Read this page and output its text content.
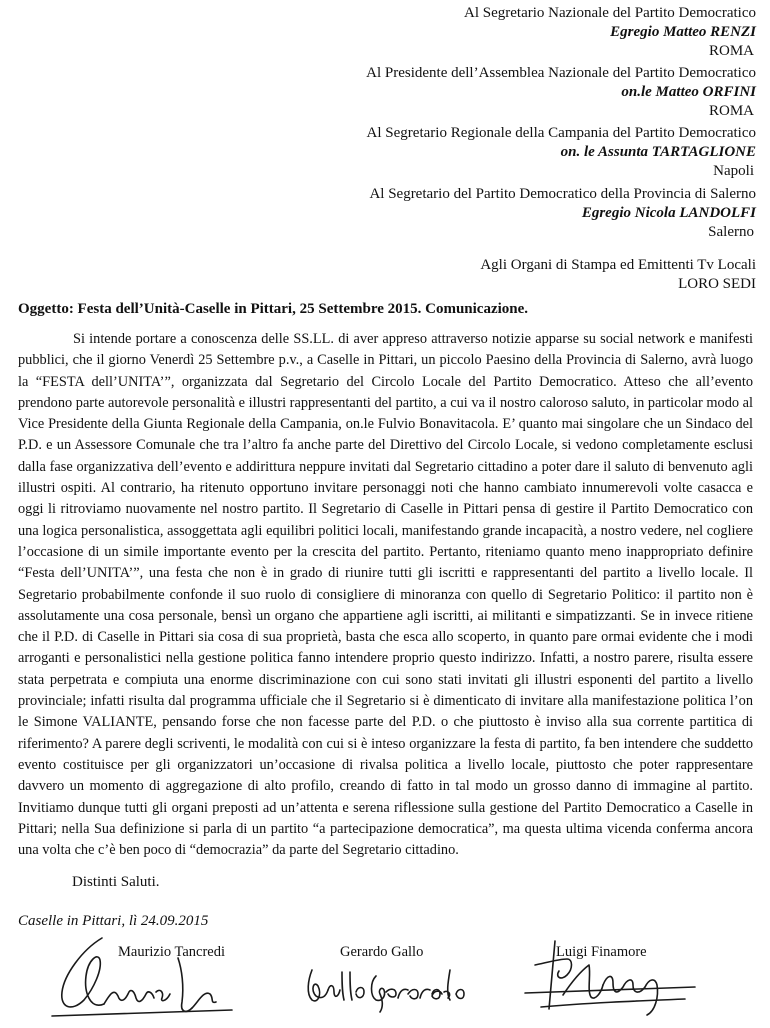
Al Segretario Nazionale del Partito Democratico
Egregio Matteo RENZI
ROMA
Al Presidente dell’Assemblea Nazionale del Partito Democratico
on.le Matteo ORFINI
ROMA
Al Segretario Regionale della Campania del Partito Democratico
on. le Assunta TARTAGLIONE
Napoli
Al Segretario del Partito Democratico della Provincia di Salerno
Egregio Nicola LANDOLFI
Salerno
Agli Organi di Stampa ed Emittenti Tv Locali
LORO SEDI
Oggetto: Festa dell’Unità-Caselle in Pittari, 25 Settembre 2015. Comunicazione.
Si intende portare a conoscenza delle SS.LL. di aver appreso attraverso notizie apparse su social network e manifesti pubblici, che il giorno Venerdì 25 Settembre p.v., a Caselle in Pittari, un piccolo Paesino della Provincia di Salerno, avrà luogo la “FESTA dell’UNITA’”, organizzata dal Segretario del Circolo Locale del Partito Democratico. Atteso che all’evento prendono parte autorevole personalità e illustri rappresentanti del partito, a cui va il nostro caloroso saluto, in particolar modo al Vice Presidente della Giunta Regionale della Campania, on.le Fulvio Bonavitacola. E’ quanto mai singolare che un Sindaco del P.D. e un Assessore Comunale che tra l’altro fa anche parte del Direttivo del Circolo Locale, si vedono completamente esclusi dalla fase organizzativa dell’evento e addirittura neppure invitati dal Segretario cittadino a poter dare il saluto di benvenuto agli illustri ospiti. Al contrario, ha ritenuto opportuno invitare personaggi noti che hanno cambiato innumerevoli volte casacca e oggi li ritroviamo nuovamente nel nostro partito. Il Segretario di Caselle in Pittari pensa di gestire il Partito Democratico con una logica personalistica, assoggettata agli equilibri politici locali, manifestando grande incapacità, a nostro vedere, nel cogliere l’occasione di un simile importante evento per la crescita del partito. Pertanto, riteniamo quanto meno inappropriato definire “Festa dell’UNITA’”, una festa che non è in grado di riunire tutti gli iscritti e rappresentanti del partito a livello locale. Il Segretario probabilmente confonde il suo ruolo di consigliere di minoranza con quello di Segretario Politico: il partito non è assolutamente una cosa personale, bensì un organo che appartiene agli iscritti, ai militanti e simpatizzanti. Se in invece ritiene che il P.D. di Caselle in Pittari sia cosa di sua proprietà, basta che esca allo scoperto, in quanto pare ormai evidente che i modi arroganti e personalistici nella gestione politica fanno intendere proprio questo indirizzo. Infatti, a nostro parere, risulta essere stata perpetrata e compiuta una enorme discriminazione con cui sono stati invitati gli illustri esponenti del partito a livello provinciale; infatti risulta dal programma ufficiale che il Segretario si è dimenticato di invitare alla manifestazione politica l’on le Simone VALIANTE, pensando forse che non facesse parte del P.D. o che piuttosto è inviso alla sua corrente partitica di riferimento? A parere degli scriventi, le modalità con cui si è inteso organizzare la festa di partito, fa ben intendere che suddetto evento costituisce per gli organizzatori un’occasione di rivalsa politica a livello locale, piuttosto che poter rappresentare davvero un momento di aggregazione di alto profilo, creando di fatto in tal modo un grosso danno di immagine al partito. Invitiamo dunque tutti gli organi preposti ad un’attenta e serena riflessione sulla gestione del Partito Democratico a Caselle in Pittari; nella Sua definizione si parla di un partito “a partecipazione democratica”, ma questa ultima vicenda conferma ancora una volta che c’è ben poco di “democrazia” da parte del Segretario cittadino.
Distinti Saluti.
Caselle in Pittari, lì 24.09.2015
Maurizio Tancredi	Gerardo Gallo	Luigi Finamore
